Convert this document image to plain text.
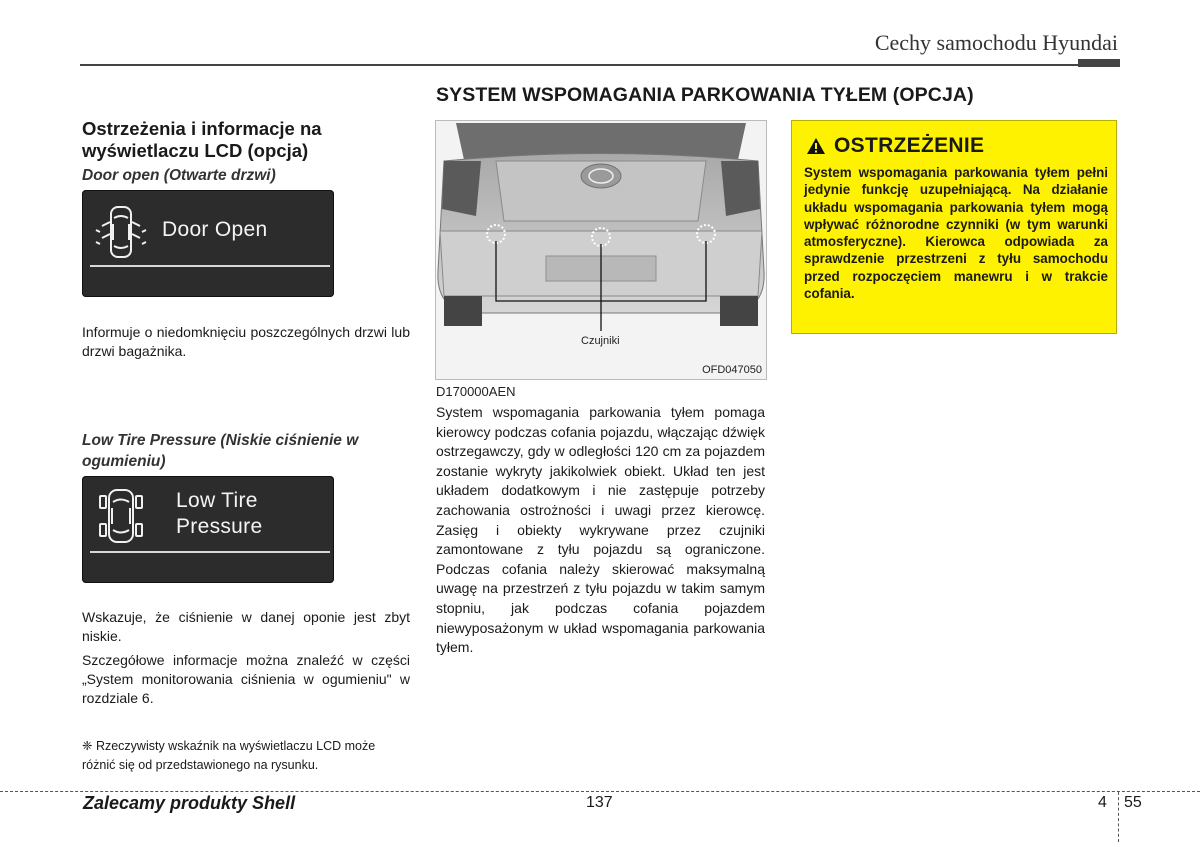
Cechy samochodu Hyundai
Ostrzeżenia i informacje na wyświetlaczu LCD (opcja)
Door open (Otwarte drzwi)
Door Open
Informuje o niedomknięciu poszczególnych drzwi lub drzwi bagażnika.
Low Tire Pressure (Niskie ciśnienie w ogumieniu)
Low Tire
Pressure
Wskazuje, że ciśnienie w danej oponie jest zbyt niskie.
Szczegółowe informacje można znaleźć w części „System monitorowania ciśnienia w ogumieniu" w rozdziale 6.
❈ Rzeczywisty wskaźnik na wyświetlaczu LCD może różnić się od przedstawionego na rysunku.
SYSTEM WSPOMAGANIA PARKOWANIA TYŁEM (OPCJA)
Czujniki
OFD047050
D170000AEN
System wspomagania parkowania tyłem pomaga kierowcy podczas cofania pojazdu, włączając dźwięk ostrzegawczy, gdy w odległości 120 cm za pojazdem zostanie wykryty jakikolwiek obiekt. Układ ten jest układem dodatkowym i nie zastępuje potrzeby zachowania ostrożności i uwagi przez kierowcę. Zasięg i obiekty wykrywane przez czujniki zamontowane z tyłu pojazdu są ograniczone. Podczas cofania należy skierować maksymalną uwagę na przestrzeń z tyłu pojazdu w takim samym stopniu, jak podczas cofania pojazdem niewyposażonym w układ wspomagania parkowania tyłem.
OSTRZEŻENIE
System wspomagania parkowania tyłem pełni jedynie funkcję uzupełniającą. Na działanie układu wspomagania parkowania tyłem mogą wpływać różnorodne czynniki (w tym warunki atmosferyczne). Kierowca odpowiada za sprawdzenie przestrzeni z tyłu samochodu przed rozpoczęciem manewru i w trakcie cofania.
Zalecamy produkty Shell	137	4 55
